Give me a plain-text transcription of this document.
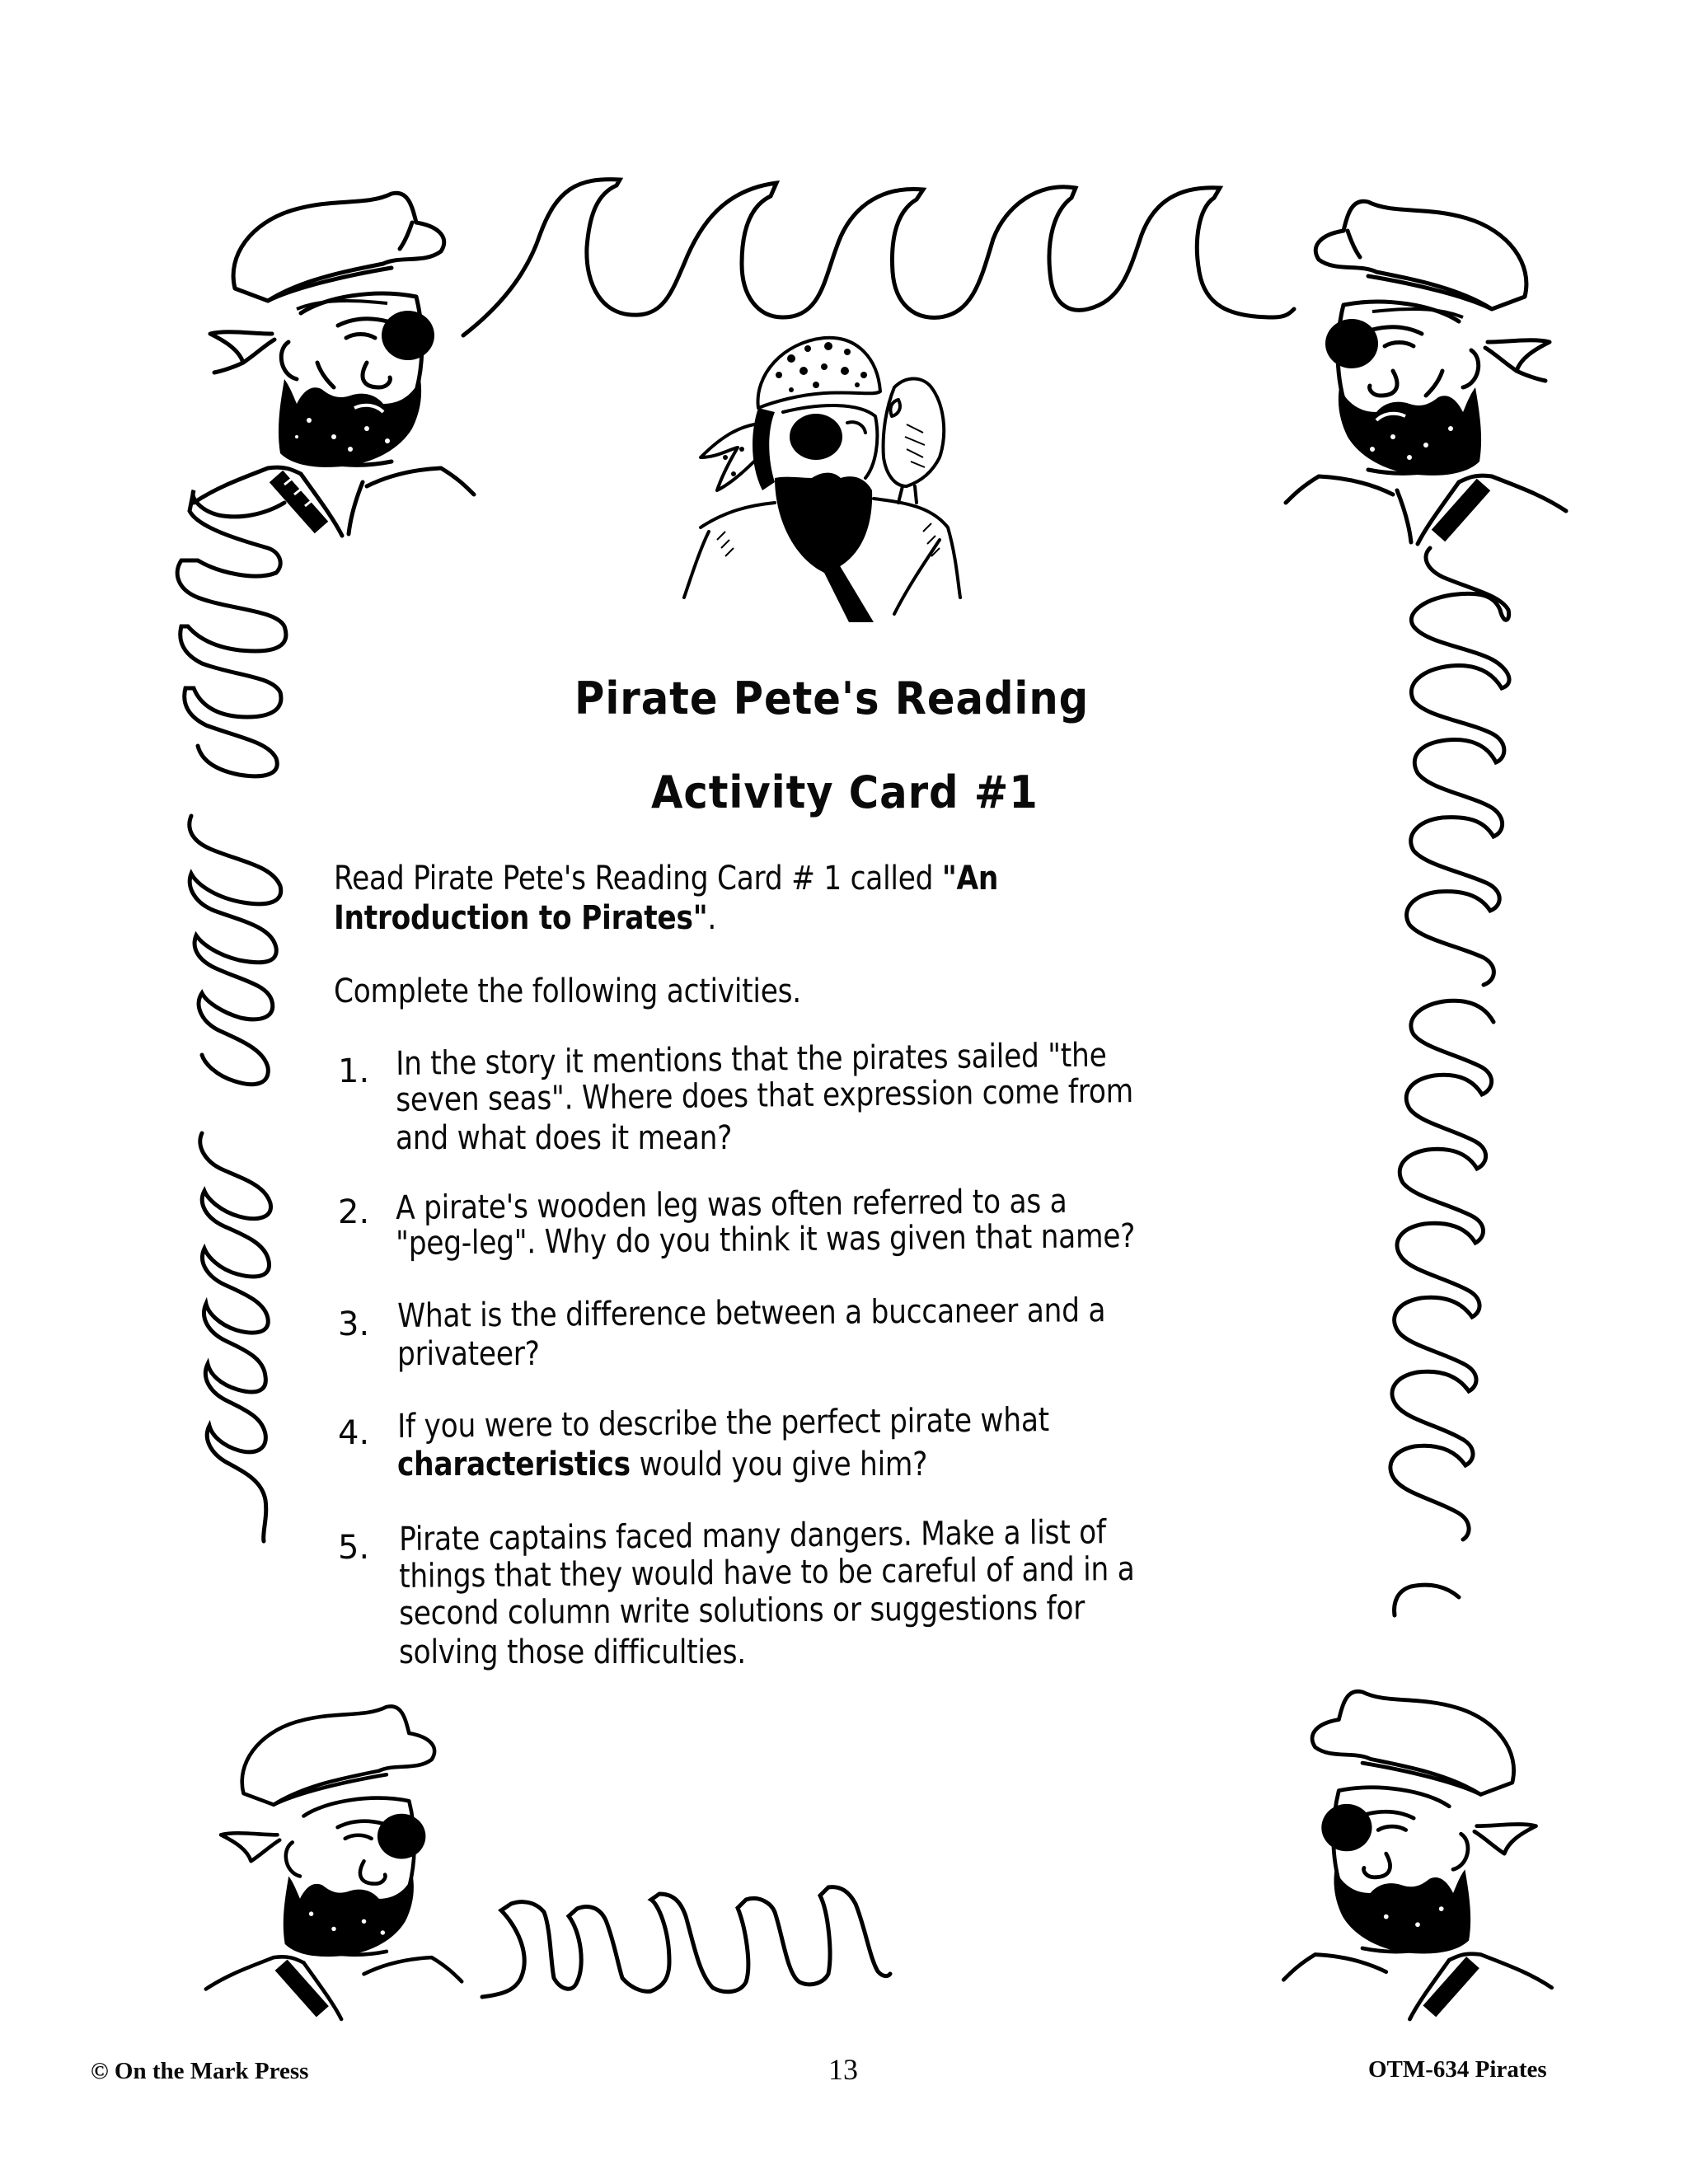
Pirate Pete's Reading
Activity Card #1
Read Pirate Pete's Reading Card # 1 called "An
Introduction to Pirates".
Complete the following activities.
1. In the story it mentions that the pirates sailed "the
seven seas". Where does that expression come from
and what does it mean?
2. A pirate's wooden leg was often referred to as a
"peg-leg". Why do you think it was given that name?
3. What is the difference between a buccaneer and a
privateer?
4. If you were to describe the perfect pirate what
characteristics would you give him?
5. Pirate captains faced many dangers. Make a list of
things that they would have to be careful of and in a
second column write solutions or suggestions for
solving those difficulties.
© On the Mark Press	13	OTM-634 Pirates
